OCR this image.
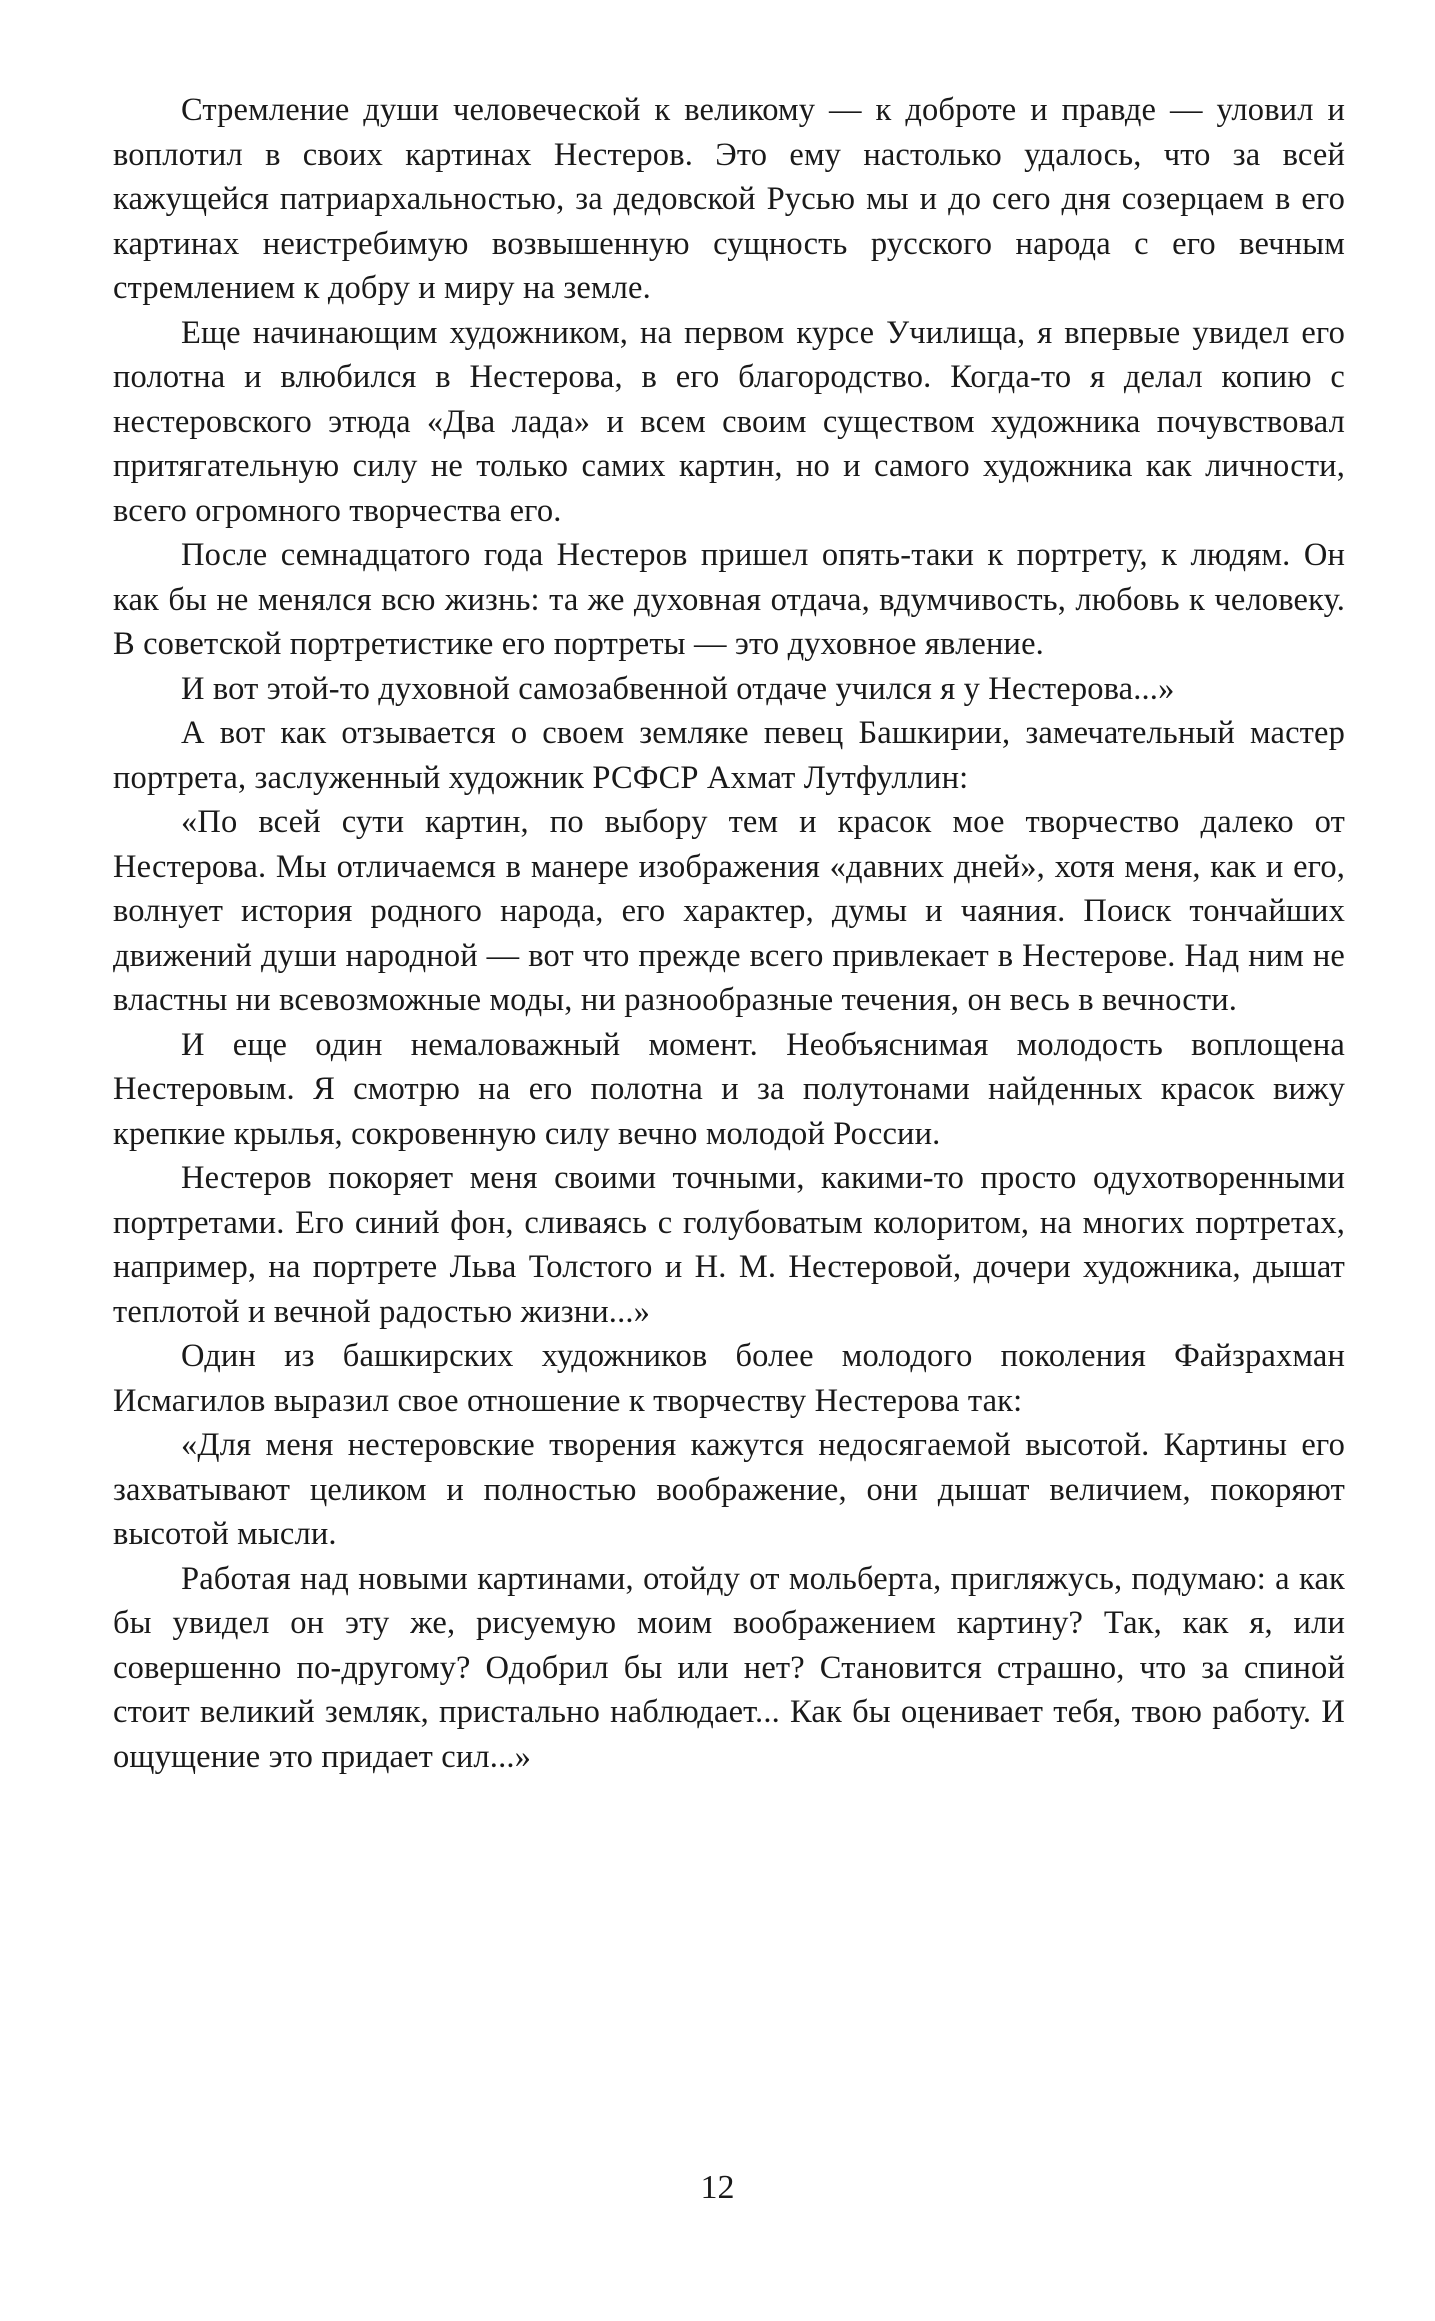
Стремление души человеческой к великому — к доброте и правде — уловил и воплотил в своих картинах Нестеров. Это ему настолько удалось, что за всей кажущейся патриархальностью, за дедовской Русью мы и до сего дня созерцаем в его картинах неистребимую возвышенную сущность русского народа с его вечным стремлением к добру и миру на земле.

Еще начинающим художником, на первом курсе Училища, я впервые увидел его полотна и влюбился в Нестерова, в его благородство. Когда-то я делал копию с нестеровского этюда «Два лада» и всем своим существом художника почувствовал притягательную силу не только самих картин, но и самого художника как личности, всего огромного творчества его.

После семнадцатого года Нестеров пришел опять-таки к портрету, к людям. Он как бы не менялся всю жизнь: та же духовная отдача, вдумчивость, любовь к человеку. В советской портретистике его портреты — это духовное явление.

И вот этой-то духовной самозабвенной отдаче учился я у Нестерова...»

А вот как отзывается о своем земляке певец Башкирии, замечательный мастер портрета, заслуженный художник РСФСР Ахмат Лутфуллин:

«По всей сути картин, по выбору тем и красок мое творчество далеко от Нестерова. Мы отличаемся в манере изображения «давних дней», хотя меня, как и его, волнует история родного народа, его характер, думы и чаяния. Поиск тончайших движений души народной — вот что прежде всего привлекает в Нестерове. Над ним не властны ни всевозможные моды, ни разнообразные течения, он весь в вечности.

И еще один немаловажный момент. Необъяснимая молодость воплощена Нестеровым. Я смотрю на его полотна и за полутонами найденных красок вижу крепкие крылья, сокровенную силу вечно молодой России.

Нестеров покоряет меня своими точными, какими-то просто одухотворенными портретами. Его синий фон, сливаясь с голубоватым колоритом, на многих портретах, например, на портрете Льва Толстого и Н. М. Нестеровой, дочери художника, дышат теплотой и вечной радостью жизни...»

Один из башкирских художников более молодого поколения Файзрахман Исмагилов выразил свое отношение к творчеству Нестерова так:

«Для меня нестеровские творения кажутся недосягаемой высотой. Картины его захватывают целиком и полностью воображение, они дышат величием, покоряют высотой мысли.

Работая над новыми картинами, отойду от мольберта, пригляжусь, подумаю: а как бы увидел он эту же, рисуемую моим воображением картину? Так, как я, или совершенно по-другому? Одобрил бы или нет? Становится страшно, что за спиной стоит великий земляк, пристально наблюдает... Как бы оценивает тебя, твою работу. И ощущение это придает сил...»

12
